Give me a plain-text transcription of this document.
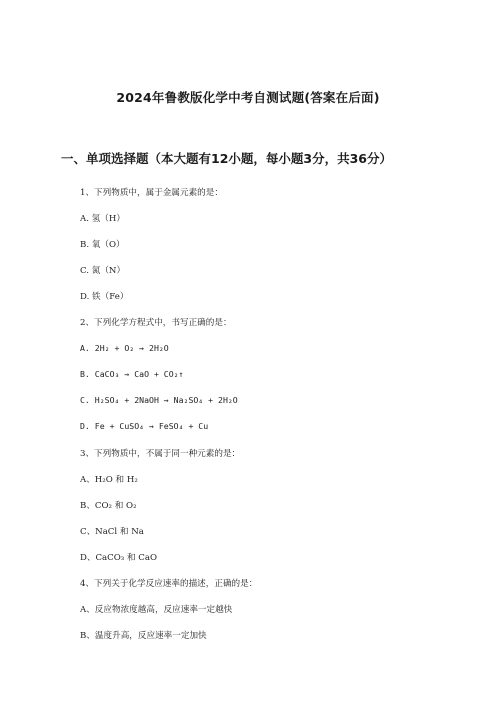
2024年鲁教版化学中考自测试题(答案在后面)
一、单项选择题（本大题有12小题，每小题3分，共36分）
1、下列物质中，属于金属元素的是：
A. 氢（H）
B. 氧（O）
C. 氮（N）
D. 铁（Fe）
2、下列化学方程式中，书写正确的是：
A. 2H₂ + O₂ → 2H₂O
B. CaCO₃ → CaO + CO₂↑
C. H₂SO₄ + 2NaOH → Na₂SO₄ + 2H₂O
D. Fe + CuSO₄ → FeSO₄ + Cu
3、下列物质中，不属于同一种元素的是：
A、H₂O 和 H₂
B、CO₂ 和 O₂
C、NaCl 和 Na
D、CaCO₃ 和 CaO
4、下列关于化学反应速率的描述，正确的是：
A、反应物浓度越高，反应速率一定越快
B、温度升高，反应速率一定加快
